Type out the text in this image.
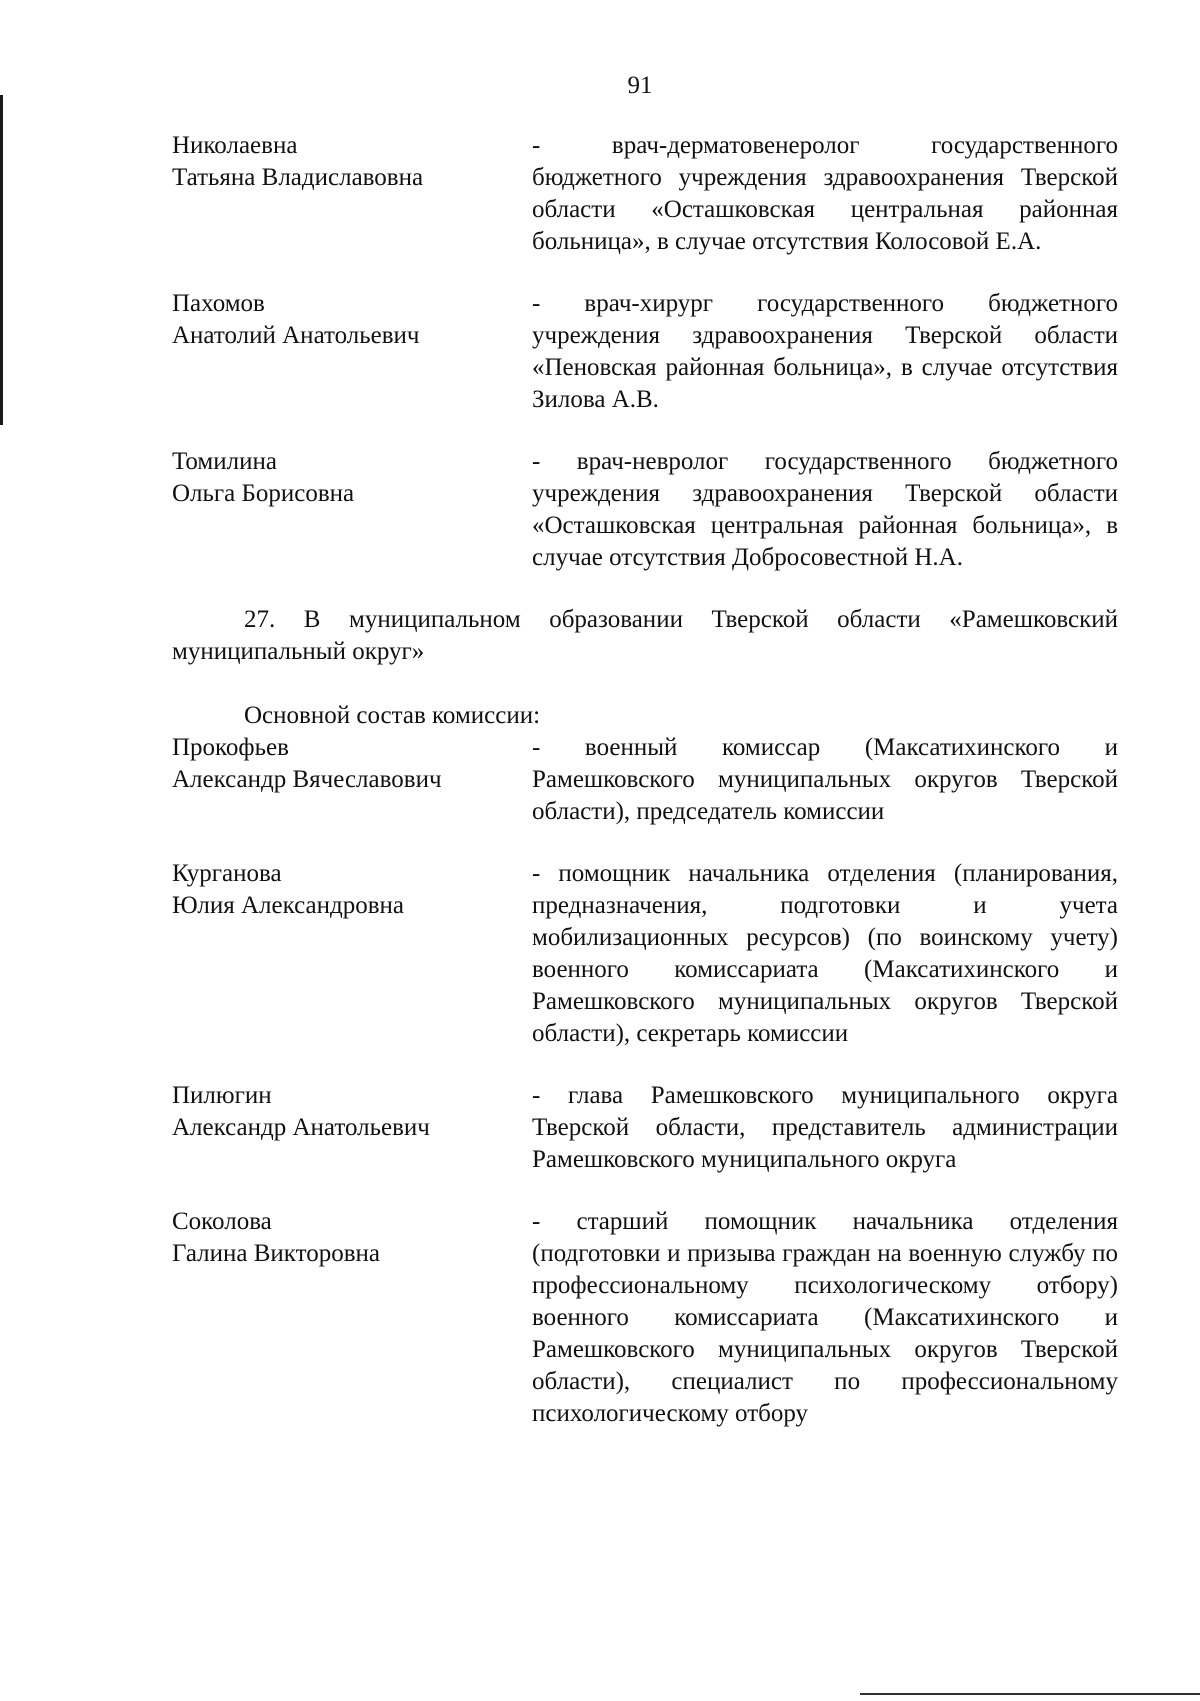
91
Николаевна
Татьяна Владиславовна
- врач-дерматовенеролог государственного бюджетного учреждения здравоохранения Тверской области «Осташковская центральная районная больница», в случае отсутствия Колосовой Е.А.
Пахомов
Анатолий Анатольевич
- врач-хирург государственного бюджетного учреждения здравоохранения Тверской области «Пеновская районная больница», в случае отсутствия Зилова А.В.
Томилина
Ольга Борисовна
- врач-невролог государственного бюджетного учреждения здравоохранения Тверской области «Осташковская центральная районная больница», в случае отсутствия Добросовестной Н.А.

27. В муниципальном образовании Тверской области «Рамешковский муниципальный округ»

Основной состав комиссии:

Прокофьев
Александр Вячеславович
- военный комиссар (Максатихинского и Рамешковского муниципальных округов Тверской области), председатель комиссии
Курганова
Юлия Александровна
- помощник начальника отделения (планирования, предназначения, подготовки и учета мобилизационных ресурсов) (по воинскому учету) военного комиссариата (Максатихинского и Рамешковского муниципальных округов Тверской области), секретарь комиссии
Пилюгин
Александр Анатольевич
- глава Рамешковского муниципального округа Тверской области, представитель администрации Рамешковского муниципального округа
Соколова
Галина Викторовна
- старший помощник начальника отделения (подготовки и призыва граждан на военную службу по профессиональному психологическому отбору) военного комиссариата (Максатихинского и Рамешковского муниципальных округов Тверской области), специалист по профессиональному психологическому отбору
